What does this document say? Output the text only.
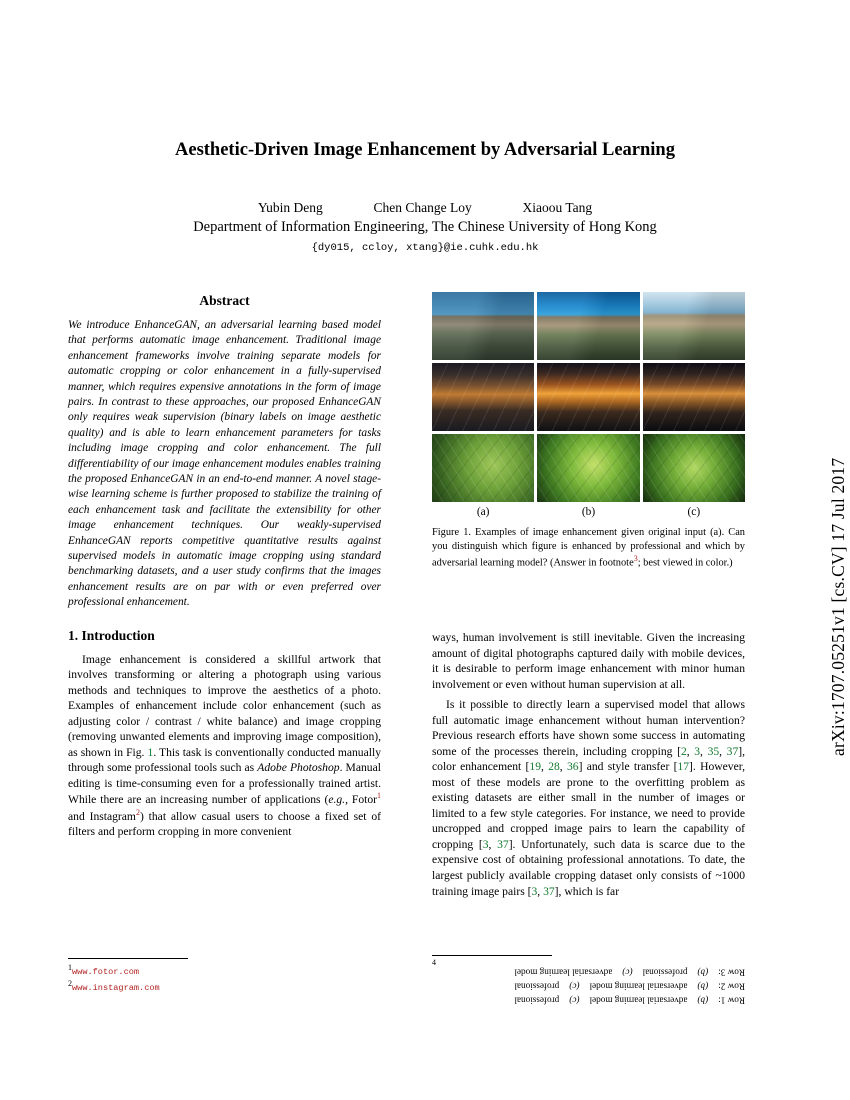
arXiv:1707.05251v1 [cs.CV] 17 Jul 2017
Aesthetic-Driven Image Enhancement by Adversarial Learning
Yubin Deng	Chen Change Loy	Xiaoou Tang
Department of Information Engineering, The Chinese University of Hong Kong
{dy015, ccloy, xtang}@ie.cuhk.edu.hk
Abstract

We introduce EnhanceGAN, an adversarial learning based model that performs automatic image enhancement. Traditional image enhancement frameworks involve training separate models for automatic cropping or color enhancement in a fully-supervised manner, which requires expensive annotations in the form of image pairs. In contrast to these approaches, our proposed EnhanceGAN only requires weak supervision (binary labels on image aesthetic quality) and is able to learn enhancement parameters for tasks including image cropping and color enhancement. The full differentiability of our image enhancement modules enables training the proposed EnhanceGAN in an end-to-end manner. A novel stage-wise learning scheme is further proposed to stabilize the training of each enhancement task and facilitate the extensibility for other image enhancement techniques. Our weakly-supervised EnhanceGAN reports competitive quantitative results against supervised models in automatic image cropping using standard benchmarking datasets, and a user study confirms that the images enhancement results are on par with or even preferred over professional enhancement.

1. Introduction

Image enhancement is considered a skillful artwork that involves transforming or altering a photograph using various methods and techniques to improve the aesthetics of a photo. Examples of enhancement include color enhancement (such as adjusting color / contrast / white balance) and image cropping (removing unwanted elements and improving image composition), as shown in Fig. 1. This task is conventionally conducted manually through some professional tools such as Adobe Photoshop. Manual editing is time-consuming even for a professionally trained artist. While there are an increasing number of applications (e.g., Fotor$^1$ and Instagram$^2$) that allow casual users to choose a fixed set of filters and perform cropping in more convenient

$^1$www.fotor.com
$^2$www.instagram.com
(a)	(b)	(c)
Figure 1. Examples of image enhancement given original input (a). Can you distinguish which figure is enhanced by professional and which by adversarial learning model? (Answer in footnote$^3$; best viewed in color.)

ways, human involvement is still inevitable. Given the increasing amount of digital photographs captured daily with mobile devices, it is desirable to perform image enhancement with minor human involvement or even without human supervision at all.

Is it possible to directly learn a supervised model that allows full automatic image enhancement without human intervention? Previous research efforts have shown some success in automating some of the processes therein, including cropping [2, 3, 35, 37], color enhancement [19, 28, 36] and style transfer [17]. However, most of these models are prone to the overfitting problem as existing datasets are either small in the number of images or limited to a few style categories. For instance, we need to provide uncropped and cropped image pairs to learn the capability of cropping [3, 37]. Unfortunately, such data is scarce due to the expensive cost of obtaining professional annotations. To date, the largest publicly available cropping dataset only consists of ~1000 training image pairs [3, 37], which is far

4
Row 1:
(b)
adversarial learning model
(c)
professional
Row 2:
(b)
adversarial learning model
(c)
professional
Row 3:
(b)
professional
(c)
adversarial learning model
